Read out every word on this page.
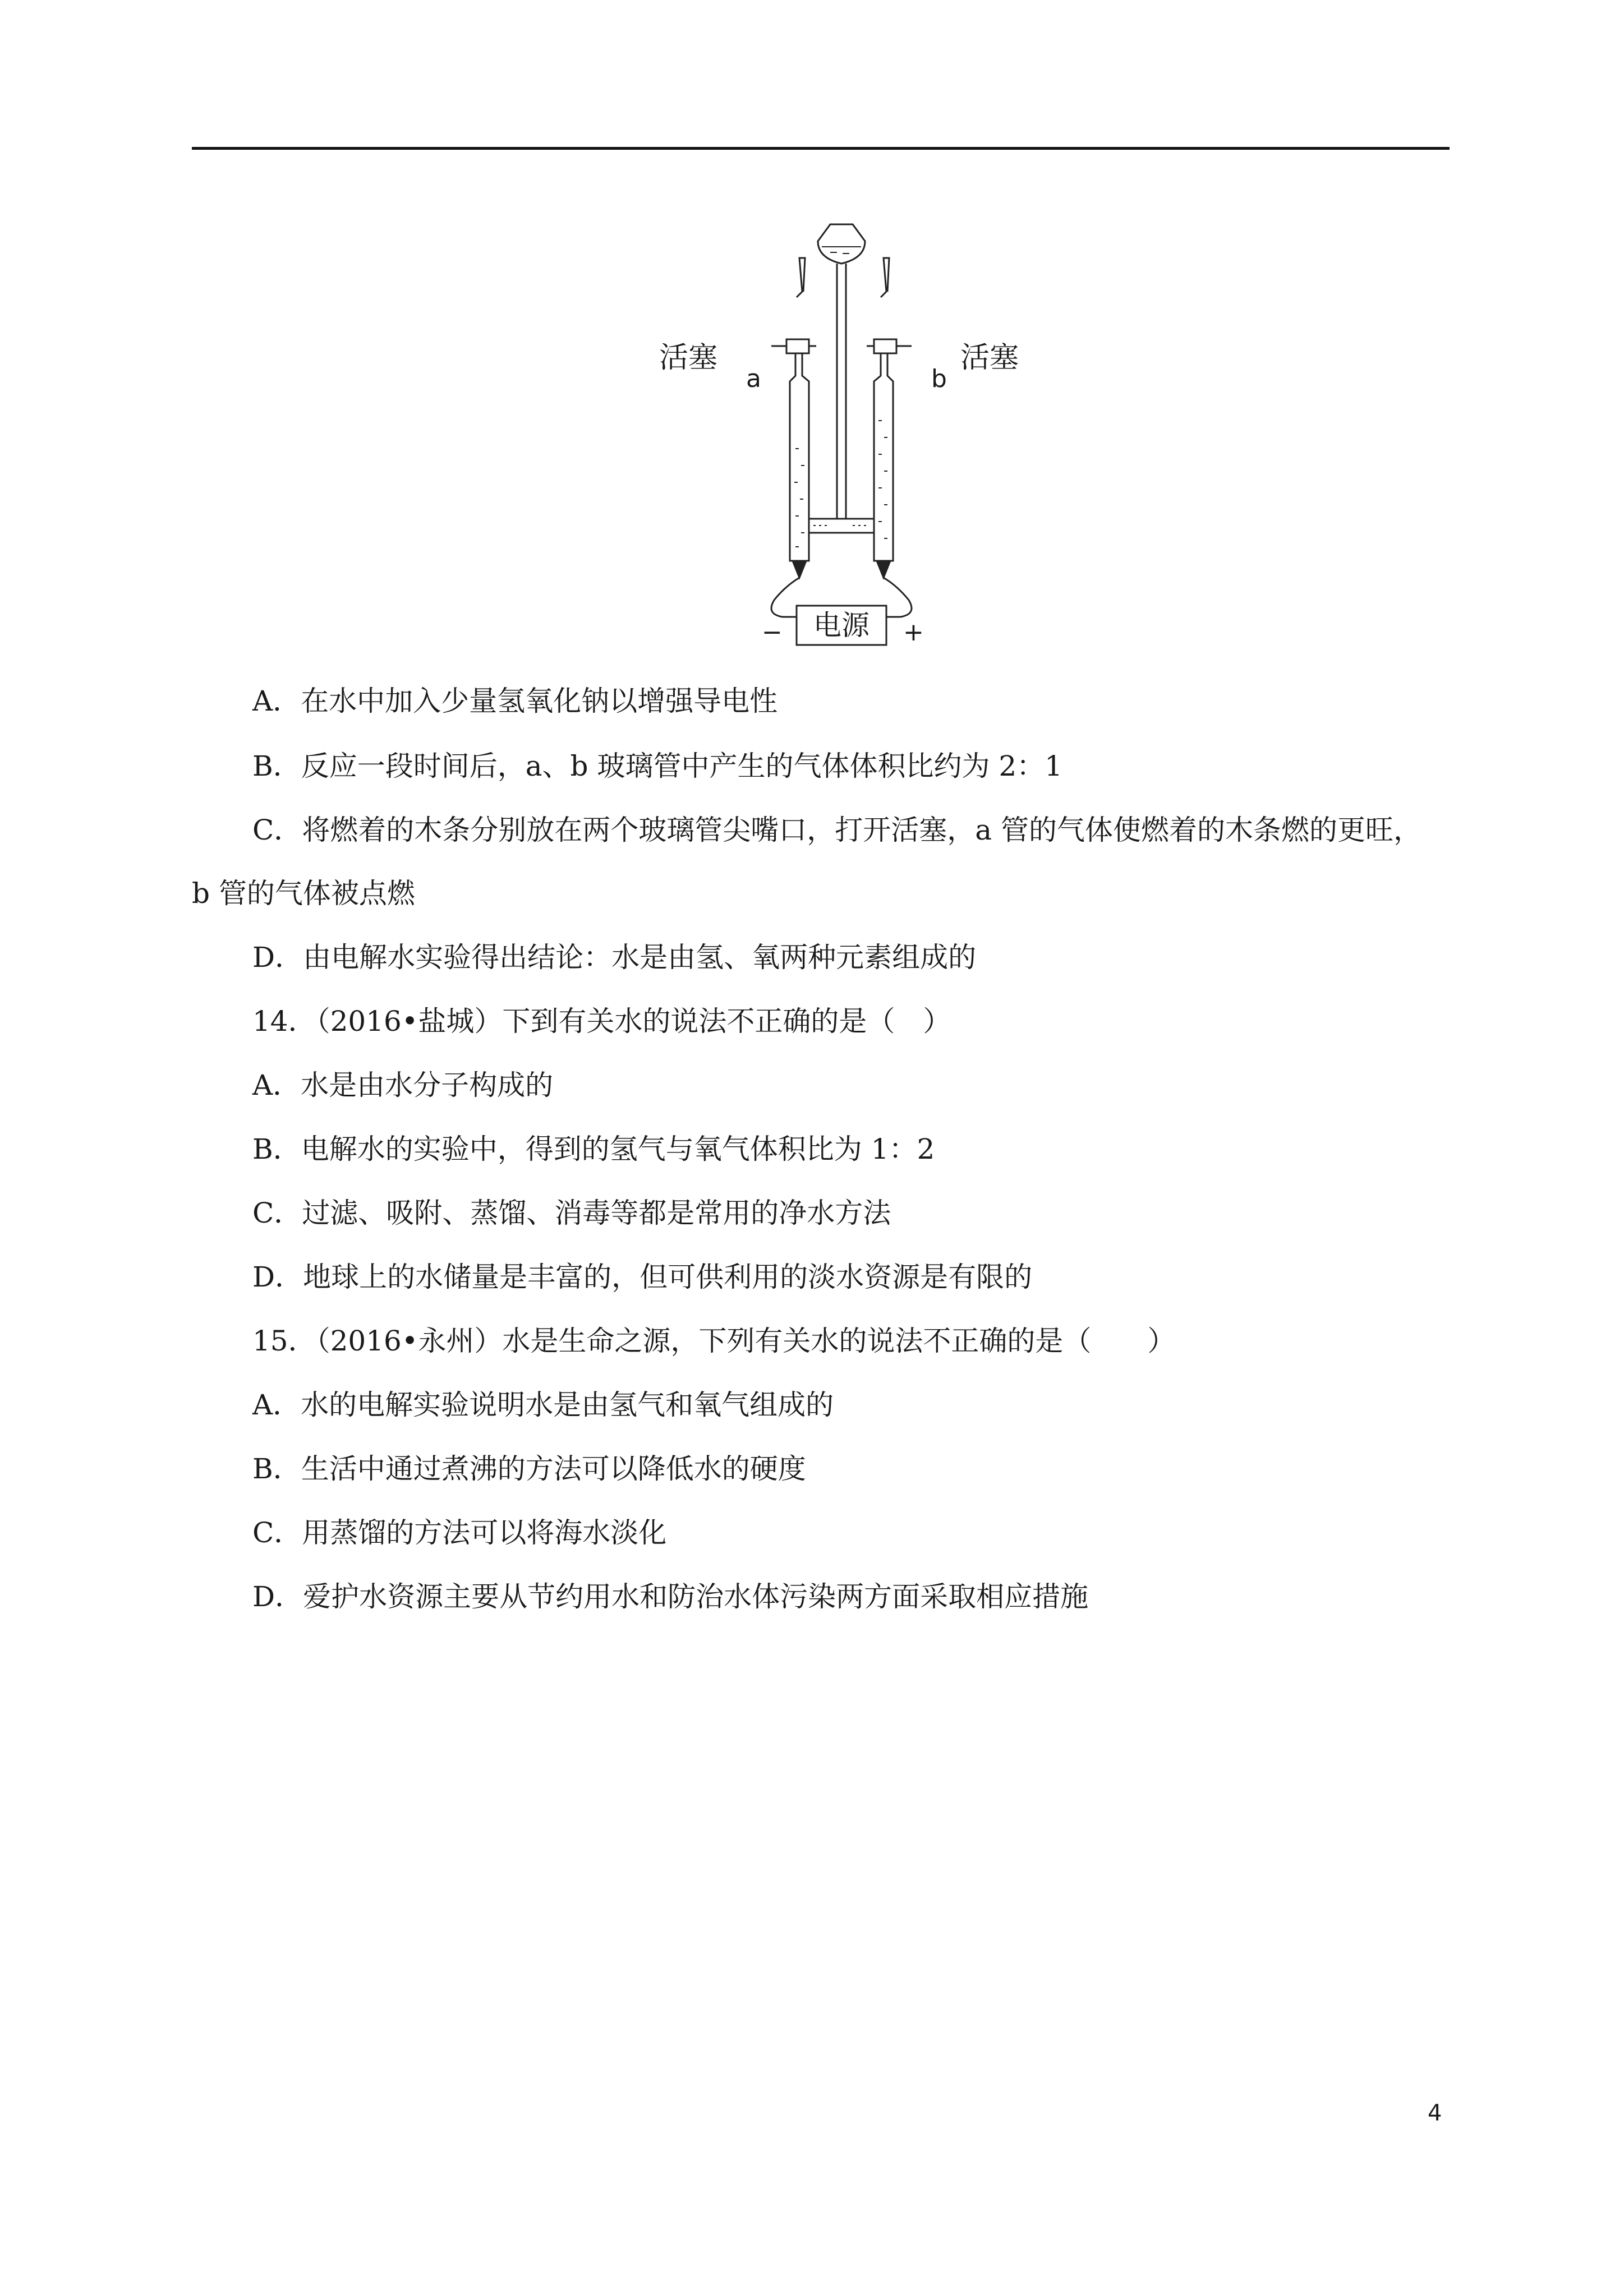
活塞	活塞
a	b
电源
−	+
A．在水中加入少量氢氧化钠以增强导电性
B．反应一段时间后，a、b 玻璃管中产生的气体体积比约为 2：1
C．将燃着的木条分别放在两个玻璃管尖嘴口，打开活塞，a 管的气体使燃着的木条燃的更旺，
b 管的气体被点燃
D．由电解水实验得出结论：水是由氢、氧两种元素组成的
14．（2016•盐城）下到有关水的说法不正确的是（　）
A．水是由水分子构成的
B．电解水的实验中，得到的氢气与氧气体积比为 1：2
C．过滤、吸附、蒸馏、消毒等都是常用的净水方法
D．地球上的水储量是丰富的，但可供利用的淡水资源是有限的
15．（2016•永州）水是生命之源，下列有关水的说法不正确的是（　　）
A．水的电解实验说明水是由氢气和氧气组成的
B．生活中通过煮沸的方法可以降低水的硬度
C．用蒸馏的方法可以将海水淡化
D．爱护水资源主要从节约用水和防治水体污染两方面采取相应措施
4
